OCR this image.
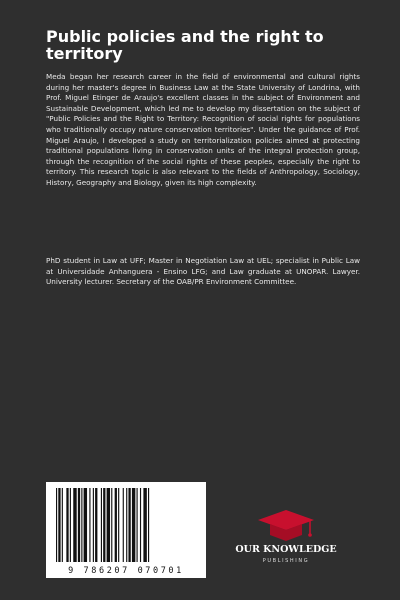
Public policies and the right to territory

Meda began her research career in the field of environmental and cultural rights during her master's degree in Business Law at the State University of Londrina, with Prof. Miguel Etinger de Araujo's excellent classes in the subject of Environment and Sustainable Development, which led me to develop my dissertation on the subject of "Public Policies and the Right to Territory: Recognition of social rights for populations who traditionally occupy nature conservation territories". Under the guidance of Prof. Miguel Araujo, I developed a study on territorialization policies aimed at protecting traditional populations living in conservation units of the integral protection group, through the recognition of the social rights of these peoples, especially the right to territory. This research topic is also relevant to the fields of Anthropology, Sociology, History, Geography and Biology, given its high complexity.

PhD student in Law at UFF; Master in Negotiation Law at UEL; specialist in Public Law at Universidade Anhanguera - Ensino LFG; and Law graduate at UNOPAR. Lawyer. University lecturer. Secretary of the OAB/PR Environment Committee.

9 786207 070701

OUR KNOWLEDGE

PUBLISHING
